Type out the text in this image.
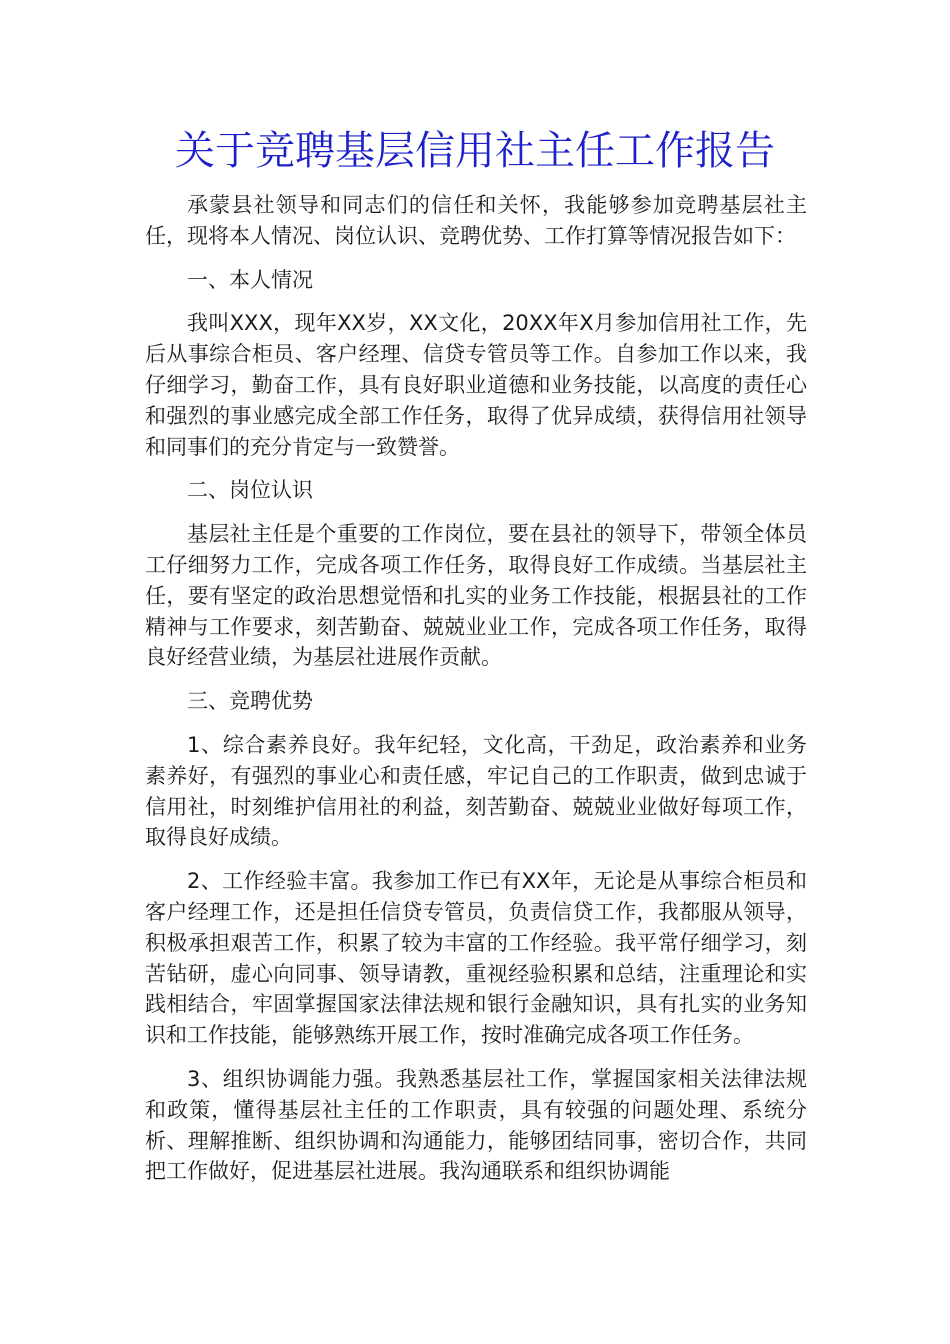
关于竞聘基层信用社主任工作报告

承蒙县社领导和同志们的信任和关怀，我能够参加竞聘基层社主任，现将本人情况、岗位认识、竞聘优势、工作打算等情况报告如下：

一、本人情况

我叫XXX，现年XX岁，XX文化，20XX年X月参加信用社工作，先后从事综合柜员、客户经理、信贷专管员等工作。自参加工作以来，我仔细学习，勤奋工作，具有良好职业道德和业务技能，以高度的责任心和强烈的事业感完成全部工作任务，取得了优异成绩，获得信用社领导和同事们的充分肯定与一致赞誉。

二、岗位认识

基层社主任是个重要的工作岗位，要在县社的领导下，带领全体员工仔细努力工作，完成各项工作任务，取得良好工作成绩。当基层社主任，要有坚定的政治思想觉悟和扎实的业务工作技能，根据县社的工作精神与工作要求，刻苦勤奋、兢兢业业工作，完成各项工作任务，取得良好经营业绩，为基层社进展作贡献。

三、竞聘优势

1、综合素养良好。我年纪轻，文化高，干劲足，政治素养和业务素养好，有强烈的事业心和责任感，牢记自己的工作职责，做到忠诚于信用社，时刻维护信用社的利益，刻苦勤奋、兢兢业业做好每项工作，取得良好成绩。

2、工作经验丰富。我参加工作已有XX年，无论是从事综合柜员和客户经理工作，还是担任信贷专管员，负责信贷工作，我都服从领导，积极承担艰苦工作，积累了较为丰富的工作经验。我平常仔细学习，刻苦钻研，虚心向同事、领导请教，重视经验积累和总结，注重理论和实践相结合，牢固掌握国家法律法规和银行金融知识，具有扎实的业务知识和工作技能，能够熟练开展工作，按时准确完成各项工作任务。

3、组织协调能力强。我熟悉基层社工作，掌握国家相关法律法规和政策，懂得基层社主任的工作职责，具有较强的问题处理、系统分析、理解推断、组织协调和沟通能力，能够团结同事，密切合作，共同把工作做好，促进基层社进展。我沟通联系和组织协调能
